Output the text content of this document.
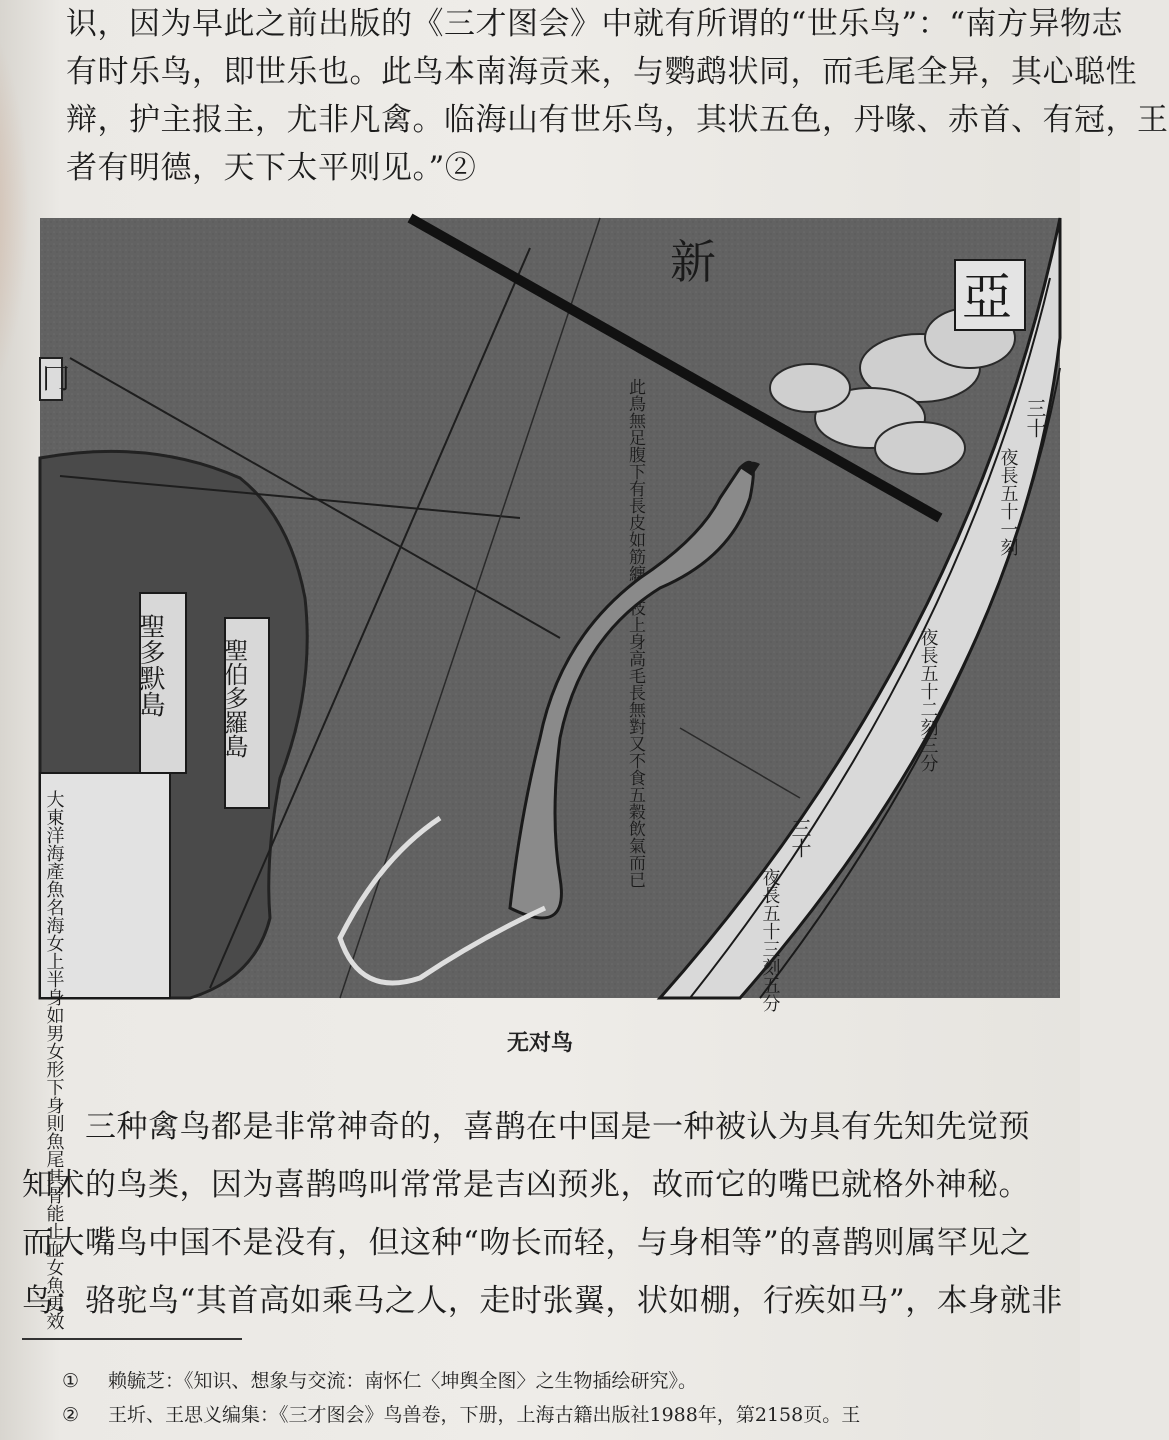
识，因为早此之前出版的《三才图会》中就有所谓的“世乐鸟”：“南方异物志
有时乐鸟，即世乐也。此鸟本南海贡来，与鹦鹉状同，而毛尾全异，其心聪性
辩，护主报主，尤非凡禽。临海山有世乐鸟，其状五色，丹喙、赤首、有冠，王
者有明德，天下太平则见。”②

冂
新
亞
此鳥無足腹下有長皮如筋纏樹枝上身高毛長無對又不食五穀飲氣而已
聖多默島 聖伯多羅島
大東洋海產魚名海女上半身如男女形下身則魚尾其骨能止血女魚更效
三十
夜長五十一刻
夜長五十二刻三分
三十
夜長五十三刻五分
无对鸟

　　三种禽鸟都是非常神奇的，喜鹊在中国是一种被认为具有先知先觉预
知术的鸟类，因为喜鹊鸣叫常常是吉凶预兆，故而它的嘴巴就格外神秘。
而大嘴鸟中国不是没有，但这种“吻长而轻，与身相等”的喜鹊则属罕见之
鸟；骆驼鸟“其首高如乘马之人，走时张翼，状如棚，行疾如马”，本身就非

①	赖毓芝：《知识、想象与交流：南怀仁〈坤舆全图〉之生物插绘研究》。
②	王圻、王思义编集：《三才图会》鸟兽卷，下册，上海古籍出版社1988年，第2158页。王
